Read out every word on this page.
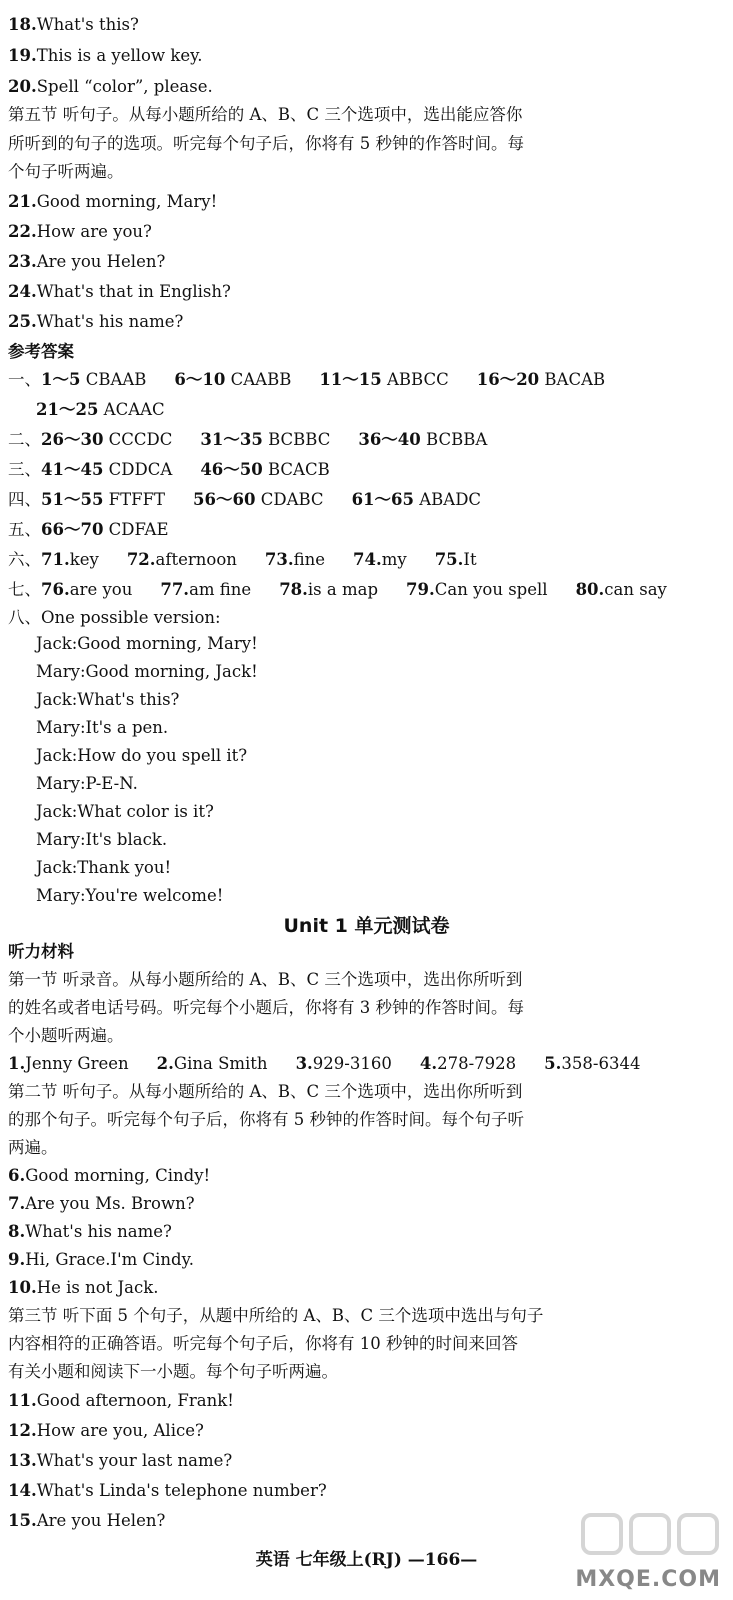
18.What's this?
19.This is a yellow key.
20.Spell “color”, please.
第五节 听句子。从每小题所给的 A、B、C 三个选项中，选出能应答你
所听到的句子的选项。听完每个句子后，你将有 5 秒钟的作答时间。每
个句子听两遍。
21.Good morning, Mary!
22.How are you?
23.Are you Helen?
24.What's that in English?
25.What's his name?
参考答案
一、1～5 CBAAB 6～10 CAABB 11～15 ABBCC 16～20 BACAB
21～25 ACAAC
二、26～30 CCCDC 31～35 BCBBC 36～40 BCBBA
三、41～45 CDDCA 46～50 BCACB
四、51～55 FTFFT 56～60 CDABC 61～65 ABADC
五、66～70 CDFAE
六、71.key 72.afternoon 73.fine 74.my 75.It
七、76.are you 77.am fine 78.is a map 79.Can you spell 80.can say
八、One possible version:
Jack:Good morning, Mary!
Mary:Good morning, Jack!
Jack:What's this?
Mary:It's a pen.
Jack:How do you spell it?
Mary:P-E-N.
Jack:What color is it?
Mary:It's black.
Jack:Thank you!
Mary:You're welcome!
Unit 1 单元测试卷
听力材料
第一节 听录音。从每小题所给的 A、B、C 三个选项中，选出你所听到
的姓名或者电话号码。听完每个小题后，你将有 3 秒钟的作答时间。每
个小题听两遍。
1.Jenny Green 2.Gina Smith 3.929-3160 4.278-7928 5.358-6344
第二节 听句子。从每小题所给的 A、B、C 三个选项中，选出你所听到
的那个句子。听完每个句子后，你将有 5 秒钟的作答时间。每个句子听
两遍。
6.Good morning, Cindy!
7.Are you Ms. Brown?
8.What's his name?
9.Hi, Grace.I'm Cindy.
10.He is not Jack.
第三节 听下面 5 个句子，从题中所给的 A、B、C 三个选项中选出与句子
内容相符的正确答语。听完每个句子后，你将有 10 秒钟的时间来回答
有关小题和阅读下一小题。每个句子听两遍。
11.Good afternoon, Frank!
12.How are you, Alice?
13.What's your last name?
14.What's Linda's telephone number?
15.Are you Helen?
英语 七年级上(RJ) —166—
MXQE.COM
